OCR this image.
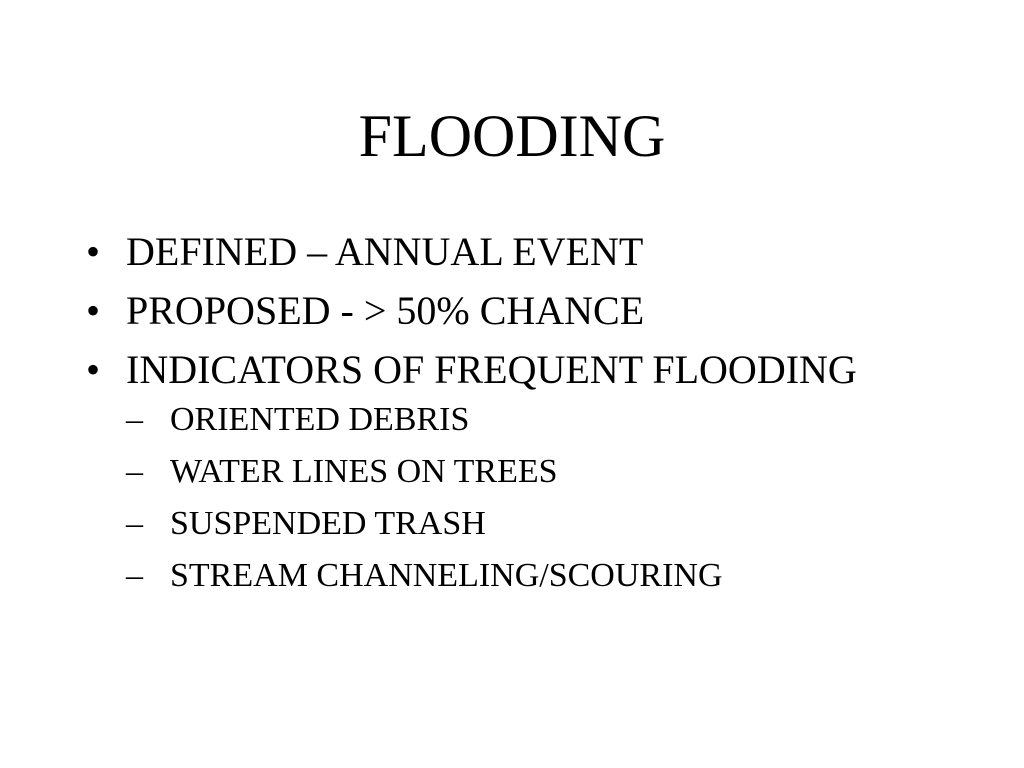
FLOODING
• DEFINED – ANNUAL EVENT
• PROPOSED - > 50% CHANCE
• INDICATORS OF FREQUENT FLOODING
– ORIENTED DEBRIS
– WATER LINES ON TREES
– SUSPENDED TRASH
– STREAM CHANNELING/SCOURING
